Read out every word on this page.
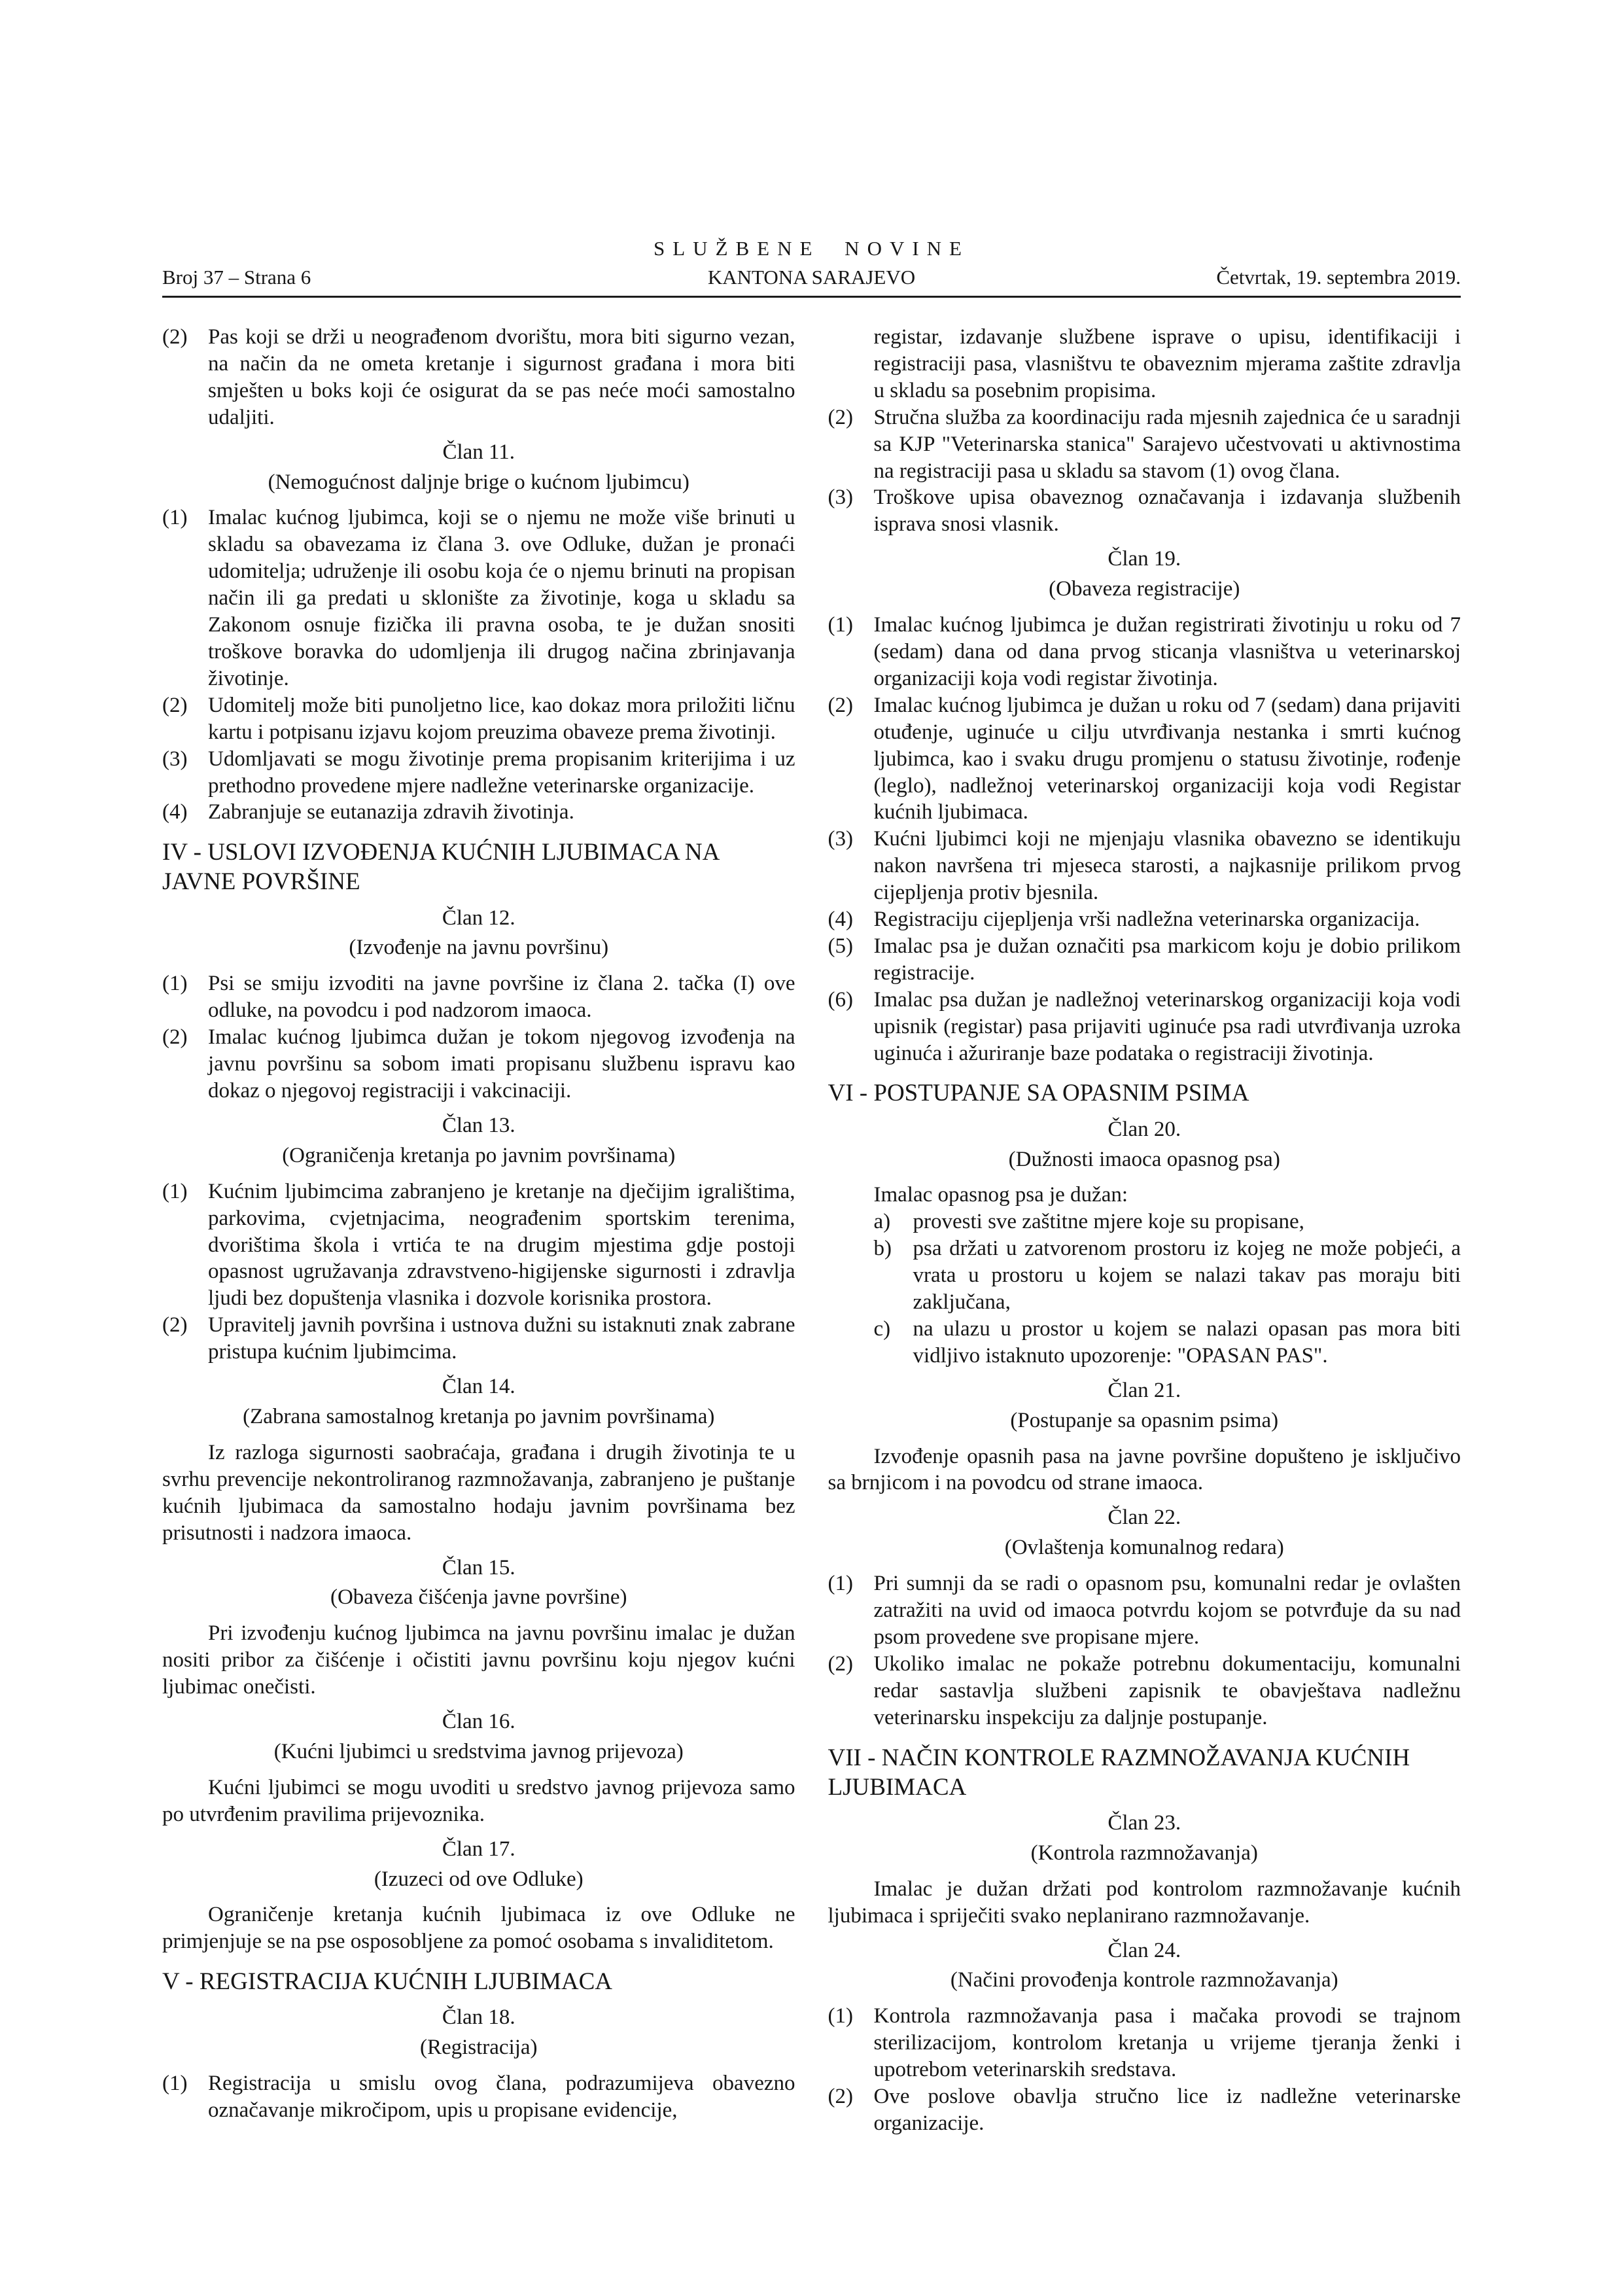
SLUŽBENE NOVINE
Broj 37 – Strana 6	KANTONA SARAJEVO	Četvrtak, 19. septembra 2019.

(2) Pas koji se drži u neograđenom dvorištu, mora biti sigurno vezan, na način da ne ometa kretanje i sigurnost građana i mora biti smješten u boks koji će osigurat da se pas neće moći samostalno udaljiti.

Član 11.

(Nemogućnost daljnje brige o kućnom ljubimcu)

(1) Imalac kućnog ljubimca, koji se o njemu ne može više brinuti u skladu sa obavezama iz člana 3. ove Odluke, dužan je pronaći udomitelja; udruženje ili osobu koja će o njemu brinuti na propisan način ili ga predati u sklonište za životinje, koga u skladu sa Zakonom osnuje fizička ili pravna osoba, te je dužan snositi troškove boravka do udomljenja ili drugog načina zbrinjavanja životinje.

(2) Udomitelj može biti punoljetno lice, kao dokaz mora priložiti ličnu kartu i potpisanu izjavu kojom preuzima obaveze prema životinji.

(3) Udomljavati se mogu životinje prema propisanim kriterijima i uz prethodno provedene mjere nadležne veterinarske organizacije.

(4) Zabranjuje se eutanazija zdravih životinja.

IV - USLOVI IZVOĐENJA KUĆNIH LJUBIMACA NA JAVNE POVRŠINE

Član 12.

(Izvođenje na javnu površinu)

(1) Psi se smiju izvoditi na javne površine iz člana 2. tačka (I) ove odluke, na povodcu i pod nadzorom imaoca.

(2) Imalac kućnog ljubimca dužan je tokom njegovog izvođenja na javnu površinu sa sobom imati propisanu službenu ispravu kao dokaz o njegovoj registraciji i vakcinaciji.

Član 13.

(Ograničenja kretanja po javnim površinama)

(1) Kućnim ljubimcima zabranjeno je kretanje na dječijim igralištima, parkovima, cvjetnjacima, neograđenim sportskim terenima, dvorištima škola i vrtića te na drugim mjestima gdje postoji opasnost ugružavanja zdravstveno-higijenske sigurnosti i zdravlja ljudi bez dopuštenja vlasnika i dozvole korisnika prostora.

(2) Upravitelj javnih površina i ustnova dužni su istaknuti znak zabrane pristupa kućnim ljubimcima.

Član 14.

(Zabrana samostalnog kretanja po javnim površinama)

Iz razloga sigurnosti saobraćaja, građana i drugih životinja te u svrhu prevencije nekontroliranog razmnožavanja, zabranjeno je puštanje kućnih ljubimaca da samostalno hodaju javnim površinama bez prisutnosti i nadzora imaoca.

Član 15.

(Obaveza čišćenja javne površine)

Pri izvođenju kućnog ljubimca na javnu površinu imalac je dužan nositi pribor za čišćenje i očistiti javnu površinu koju njegov kućni ljubimac onečisti.

Član 16.

(Kućni ljubimci u sredstvima javnog prijevoza)

Kućni ljubimci se mogu uvoditi u sredstvo javnog prijevoza samo po utvrđenim pravilima prijevoznika.

Član 17.

(Izuzeci od ove Odluke)

Ograničenje kretanja kućnih ljubimaca iz ove Odluke ne primjenjuje se na pse osposobljene za pomoć osobama s invaliditetom.

V - REGISTRACIJA KUĆNIH LJUBIMACA

Član 18.

(Registracija)

(1) Registracija u smislu ovog člana, podrazumijeva obavezno označavanje mikročipom, upis u propisane evidencije,

registar, izdavanje službene isprave o upisu, identifikaciji i registraciji pasa, vlasništvu te obaveznim mjerama zaštite zdravlja u skladu sa posebnim propisima.

(2) Stručna služba za koordinaciju rada mjesnih zajednica će u saradnji sa KJP "Veterinarska stanica" Sarajevo učestvovati u aktivnostima na registraciji pasa u skladu sa stavom (1) ovog člana.

(3) Troškove upisa obaveznog označavanja i izdavanja službenih isprava snosi vlasnik.

Član 19.

(Obaveza registracije)

(1) Imalac kućnog ljubimca je dužan registrirati životinju u roku od 7 (sedam) dana od dana prvog sticanja vlasništva u veterinarskoj organizaciji koja vodi registar životinja.

(2) Imalac kućnog ljubimca je dužan u roku od 7 (sedam) dana prijaviti otuđenje, uginuće u cilju utvrđivanja nestanka i smrti kućnog ljubimca, kao i svaku drugu promjenu o statusu životinje, rođenje (leglo), nadležnoj veterinarskoj organizaciji koja vodi Registar kućnih ljubimaca.

(3) Kućni ljubimci koji ne mjenjaju vlasnika obavezno se identikuju nakon navršena tri mjeseca starosti, a najkasnije prilikom prvog cijepljenja protiv bjesnila.

(4) Registraciju cijepljenja vrši nadležna veterinarska organizacija.

(5) Imalac psa je dužan označiti psa markicom koju je dobio prilikom registracije.

(6) Imalac psa dužan je nadležnoj veterinarskog organizaciji koja vodi upisnik (registar) pasa prijaviti uginuće psa radi utvrđivanja uzroka uginuća i ažuriranje baze podataka o registraciji životinja.

VI - POSTUPANJE SA OPASNIM PSIMA

Član 20.

(Dužnosti imaoca opasnog psa)

Imalac opasnog psa je dužan:

a) provesti sve zaštitne mjere koje su propisane,

b) psa držati u zatvorenom prostoru iz kojeg ne može pobjeći, a vrata u prostoru u kojem se nalazi takav pas moraju biti zaključana,

c) na ulazu u prostor u kojem se nalazi opasan pas mora biti vidljivo istaknuto upozorenje: "OPASAN PAS".

Član 21.

(Postupanje sa opasnim psima)

Izvođenje opasnih pasa na javne površine dopušteno je isključivo sa brnjicom i na povodcu od strane imaoca.

Član 22.

(Ovlaštenja komunalnog redara)

(1) Pri sumnji da se radi o opasnom psu, komunalni redar je ovlašten zatražiti na uvid od imaoca potvrdu kojom se potvrđuje da su nad psom provedene sve propisane mjere.

(2) Ukoliko imalac ne pokaže potrebnu dokumentaciju, komunalni redar sastavlja službeni zapisnik te obavještava nadležnu veterinarsku inspekciju za daljnje postupanje.

VII - NAČIN KONTROLE RAZMNOŽAVANJA KUĆNIH LJUBIMACA

Član 23.

(Kontrola razmnožavanja)

Imalac je dužan držati pod kontrolom razmnožavanje kućnih ljubimaca i spriječiti svako neplanirano razmnožavanje.

Član 24.

(Načini provođenja kontrole razmnožavanja)

(1) Kontrola razmnožavanja pasa i mačaka provodi se trajnom sterilizacijom, kontrolom kretanja u vrijeme tjeranja ženki i upotrebom veterinarskih sredstava.

(2) Ove poslove obavlja stručno lice iz nadležne veterinarske organizacije.
